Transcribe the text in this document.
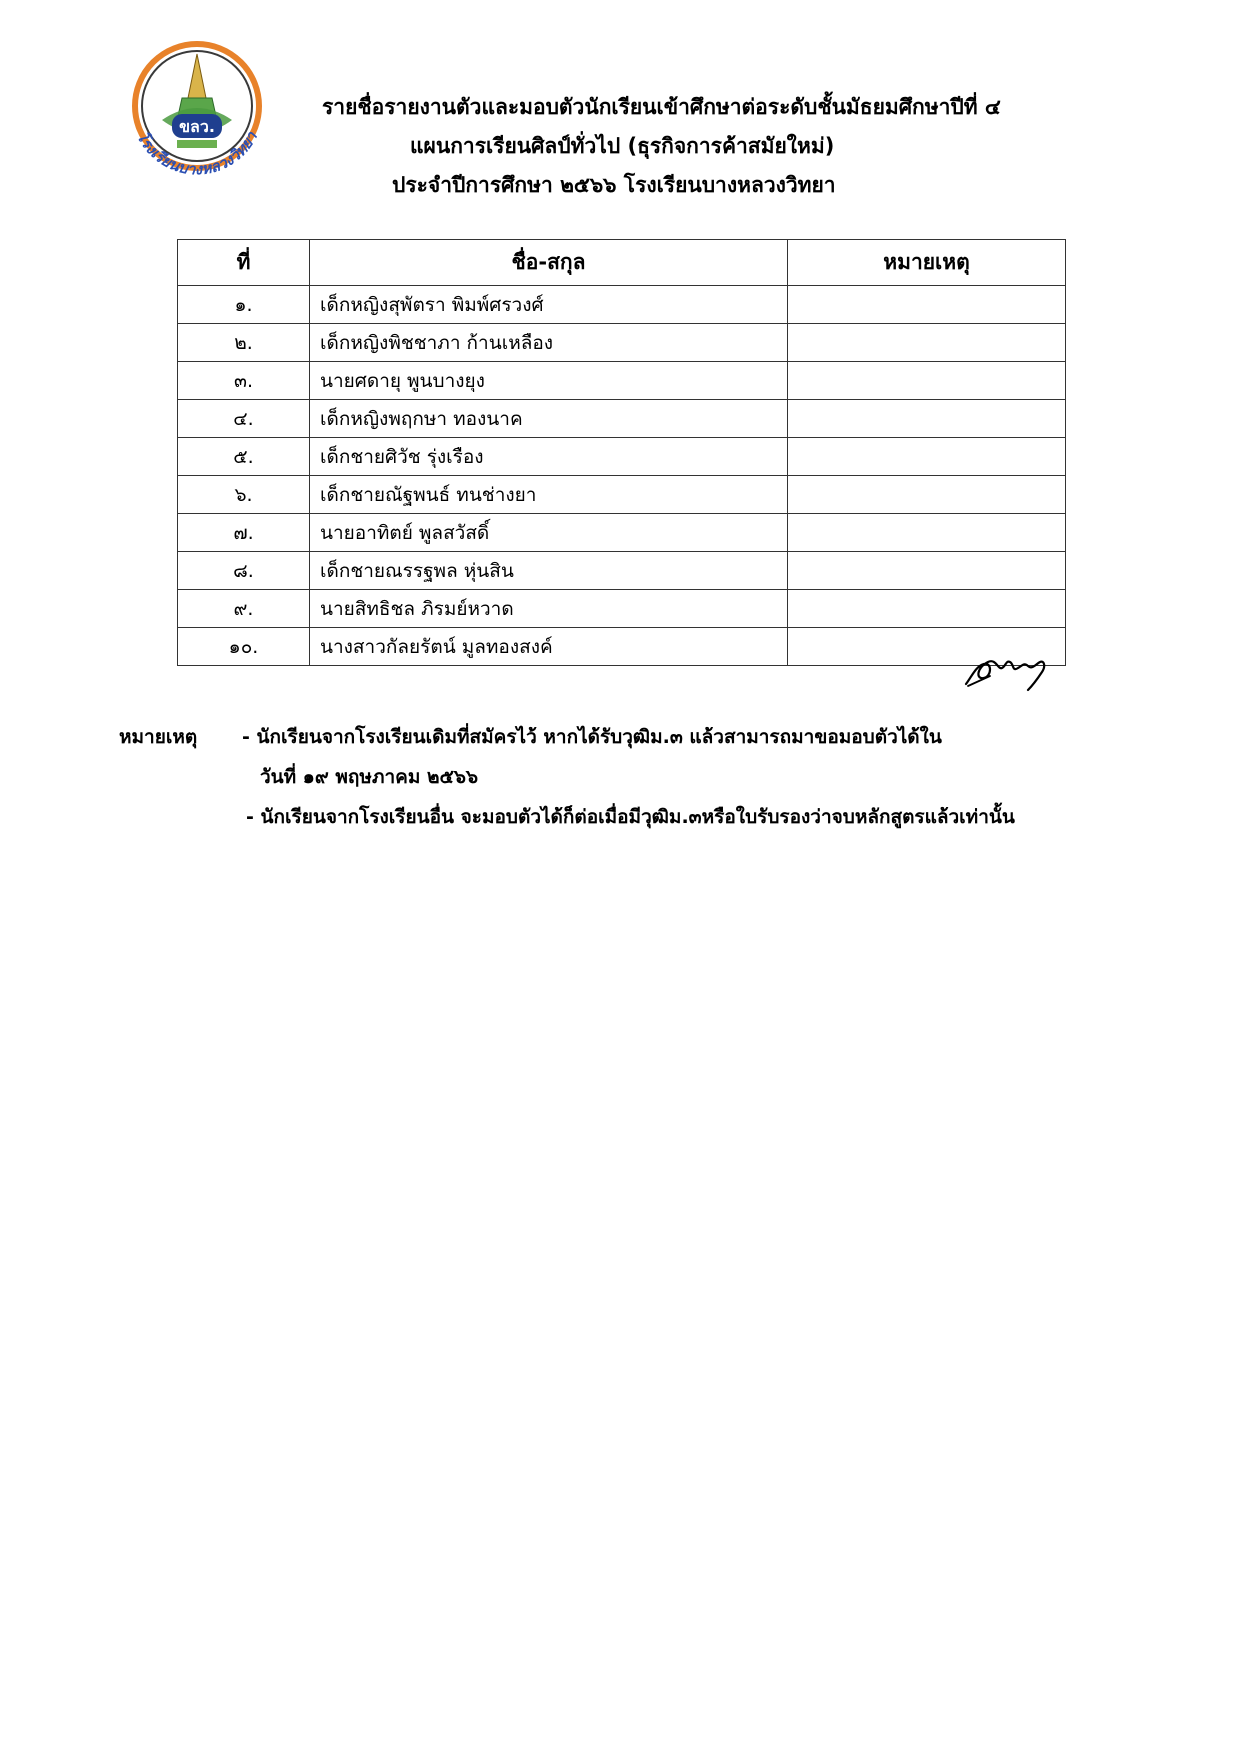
ขลว.
โรงเรียนบางหลวงวิทยา
รายชื่อรายงานตัวและมอบตัวนักเรียนเข้าศึกษาต่อระดับชั้นมัธยมศึกษาปีที่ ๔
แผนการเรียนศิลป์ทั่วไป (ธุรกิจการค้าสมัยใหม่)
ประจำปีการศึกษา ๒๕๖๖ โรงเรียนบางหลวงวิทยา
ที่	ชื่อ-สกุล	หมายเหตุ
๑.	เด็กหญิงสุพัตรา พิมพ์ศรวงศ์	
๒.	เด็กหญิงพิชชาภา ก้านเหลือง	
๓.	นายศดายุ พูนบางยุง	
๔.	เด็กหญิงพฤกษา ทองนาค	
๕.	เด็กชายศิวัช รุ่งเรือง	
๖.	เด็กชายณัฐพนธ์ ทนช่างยา	
๗.	นายอาทิตย์ พูลสวัสดิ์	
๘.	เด็กชายณรรฐพล หุ่นสิน	
๙.	นายสิทธิชล ภิรมย์หวาด	
๑๐.	นางสาวกัลยรัตน์ มูลทองสงค์	
หมายเหตุ - นักเรียนจากโรงเรียนเดิมที่สมัครไว้ หากได้รับวุฒิม.๓ แล้วสามารถมาขอมอบตัวได้ใน
วันที่ ๑๙ พฤษภาคม ๒๕๖๖
- นักเรียนจากโรงเรียนอื่น จะมอบตัวได้ก็ต่อเมื่อมีวุฒิม.๓หรือใบรับรองว่าจบหลักสูตรแล้วเท่านั้น
